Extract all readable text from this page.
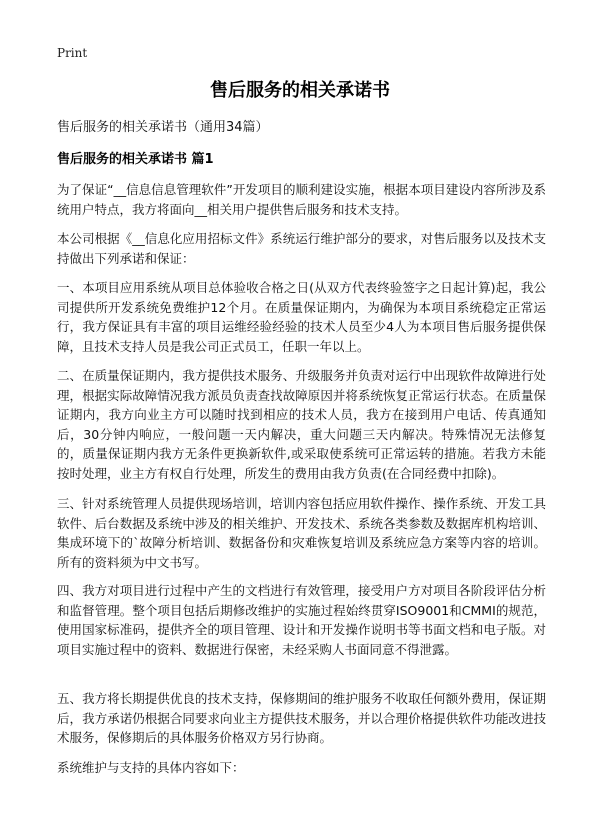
Print
售后服务的相关承诺书
售后服务的相关承诺书（通用34篇）
售后服务的相关承诺书 篇1

为了保证“__信息信息管理软件”开发项目的顺利建设实施，根据本项目建设内容所涉及系统用户特点，我方将面向__相关用户提供售后服务和技术支持。

本公司根据《__信息化应用招标文件》系统运行维护部分的要求，对售后服务以及技术支持做出下列承诺和保证：

一、本项目应用系统从项目总体验收合格之日(从双方代表终验签字之日起计算)起，我公司提供所开发系统免费维护12个月。在质量保证期内，为确保为本项目系统稳定正常运行，我方保证具有丰富的项目运维经验经验的技术人员至少4人为本项目售后服务提供保障，且技术支持人员是我公司正式员工，任职一年以上。

二、在质量保证期内，我方提供技术服务、升级服务并负责对运行中出现软件故障进行处理，根据实际故障情况我方派员负责查找故障原因并将系统恢复正常运行状态。在质量保证期内，我方向业主方可以随时找到相应的技术人员，我方在接到用户电话、传真通知后，30分钟内响应，一般问题一天内解决，重大问题三天内解决。特殊情况无法修复的，质量保证期内我方无条件更换新软件,或采取使系统可正常运转的措施。若我方未能按时处理，业主方有权自行处理，所发生的费用由我方负责(在合同经费中扣除)。

三、针对系统管理人员提供现场培训，培训内容包括应用软件操作、操作系统、开发工具软件、后台数据及系统中涉及的相关维护、开发技术、系统各类参数及数据库机构培训、集成环境下的`故障分析培训、数据备份和灾难恢复培训及系统应急方案等内容的培训。所有的资料须为中文书写。

四、我方对项目进行过程中产生的文档进行有效管理，接受用户方对项目各阶段评估分析和监督管理。整个项目包括后期修改维护的实施过程始终贯穿ISO9001和CMMI的规范，使用国家标准码，提供齐全的项目管理、设计和开发操作说明书等书面文档和电子版。对项目实施过程中的资料、数据进行保密，未经采购人书面同意不得泄露。

五、我方将长期提供优良的技术支持，保修期间的维护服务不收取任何额外费用，保证期后，我方承诺仍根据合同要求向业主方提供技术服务，并以合理价格提供软件功能改进技术服务，保修期后的具体服务价格双方另行协商。

系统维护与支持的具体内容如下：
